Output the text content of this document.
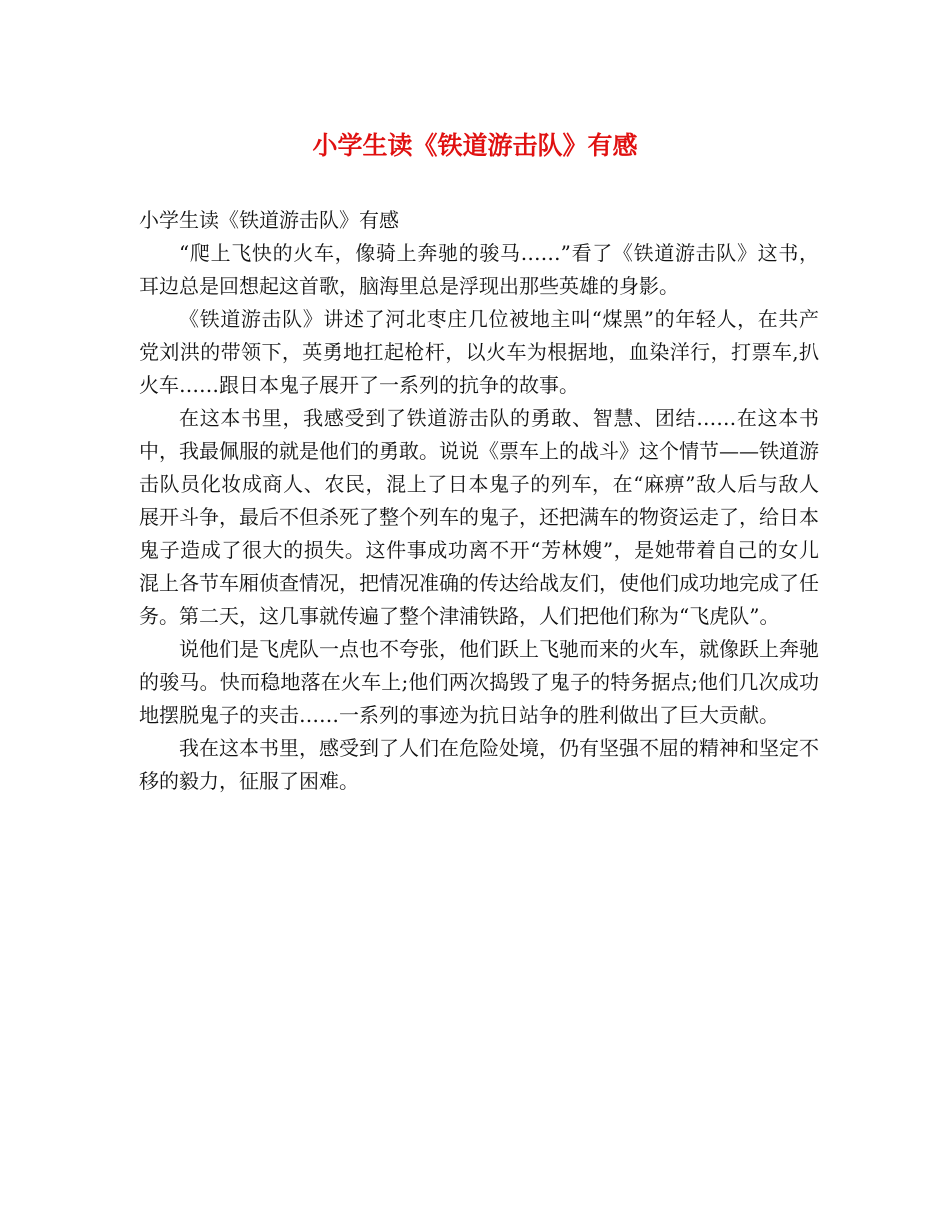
小学生读《铁道游击队》有感

小学生读《铁道游击队》有感

“爬上飞快的火车，像骑上奔驰的骏马……”看了《铁道游击队》这书，耳边总是回想起这首歌，脑海里总是浮现出那些英雄的身影。

《铁道游击队》讲述了河北枣庄几位被地主叫“煤黑”的年轻人，在共产党刘洪的带领下，英勇地扛起枪杆，以火车为根据地，血染洋行，打票车,扒火车……跟日本鬼子展开了一系列的抗争的故事。

在这本书里，我感受到了铁道游击队的勇敢、智慧、团结……在这本书中，我最佩服的就是他们的勇敢。说说《票车上的战斗》这个情节——铁道游击队员化妆成商人、农民，混上了日本鬼子的列车，在“麻痹”敌人后与敌人展开斗争，最后不但杀死了整个列车的鬼子，还把满车的物资运走了，给日本鬼子造成了很大的损失。这件事成功离不开“芳林嫂”，是她带着自己的女儿混上各节车厢侦查情况，把情况准确的传达给战友们，使他们成功地完成了任务。第二天，这几事就传遍了整个津浦铁路，人们把他们称为“飞虎队”。

说他们是飞虎队一点也不夸张，他们跃上飞驰而来的火车，就像跃上奔驰的骏马。快而稳地落在火车上;他们两次捣毁了鬼子的特务据点;他们几次成功地摆脱鬼子的夹击……一系列的事迹为抗日站争的胜利做出了巨大贡献。

我在这本书里，感受到了人们在危险处境，仍有坚强不屈的精神和坚定不移的毅力，征服了困难。
